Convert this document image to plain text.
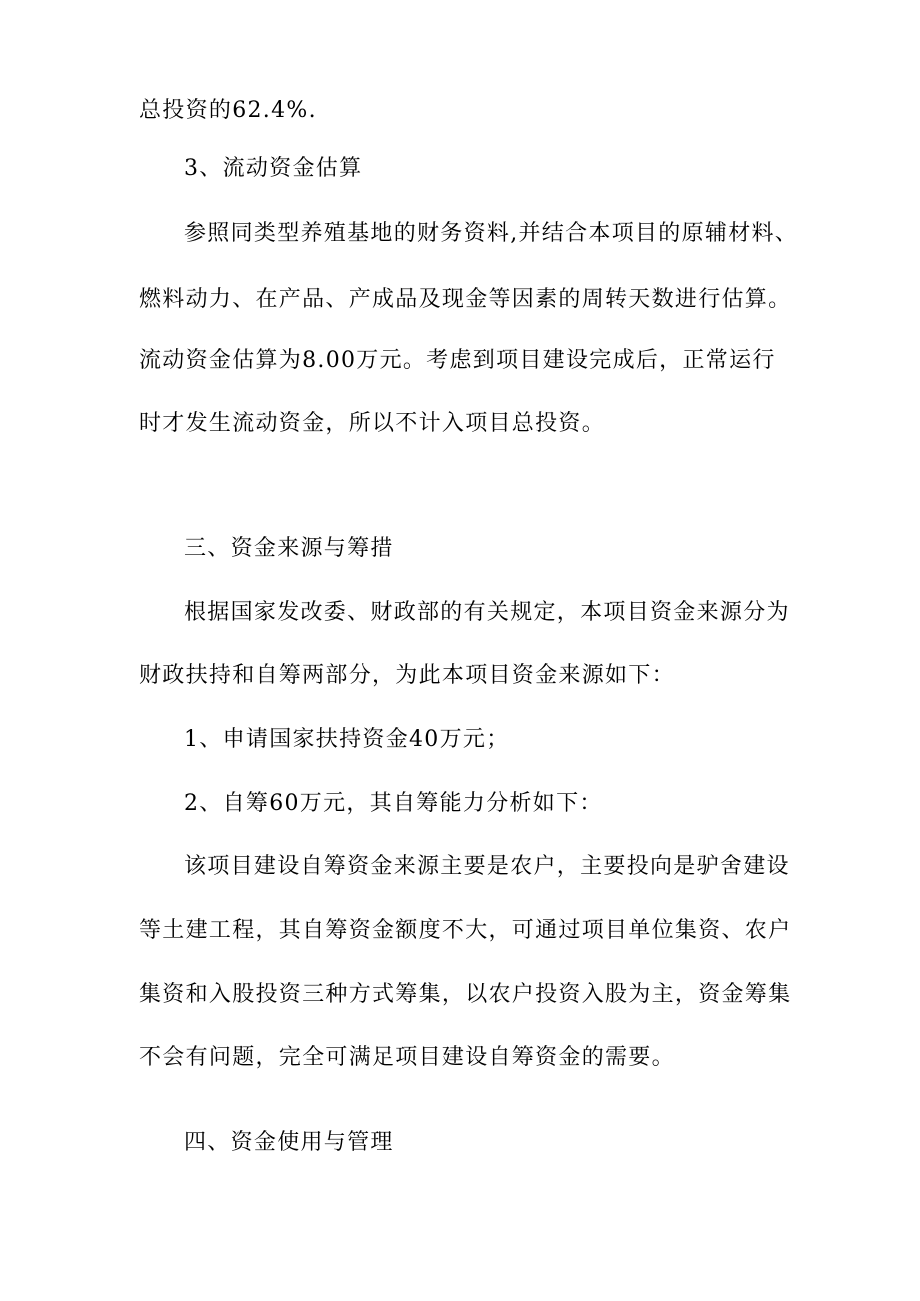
总投资的62.4%.
3、流动资金估算
参照同类型养殖基地的财务资料,并结合本项目的原辅材料、
燃料动力、在产品、产成品及现金等因素的周转天数进行估算。
流动资金估算为8.00万元。考虑到项目建设完成后，正常运行
时才发生流动资金，所以不计入项目总投资。
三、资金来源与筹措
根据国家发改委、财政部的有关规定，本项目资金来源分为
财政扶持和自筹两部分，为此本项目资金来源如下：
1、申请国家扶持资金40万元；
2、自筹60万元，其自筹能力分析如下：
该项目建设自筹资金来源主要是农户，主要投向是驴舍建设
等土建工程，其自筹资金额度不大，可通过项目单位集资、农户
集资和入股投资三种方式筹集，以农户投资入股为主，资金筹集
不会有问题，完全可满足项目建设自筹资金的需要。
四、资金使用与管理
